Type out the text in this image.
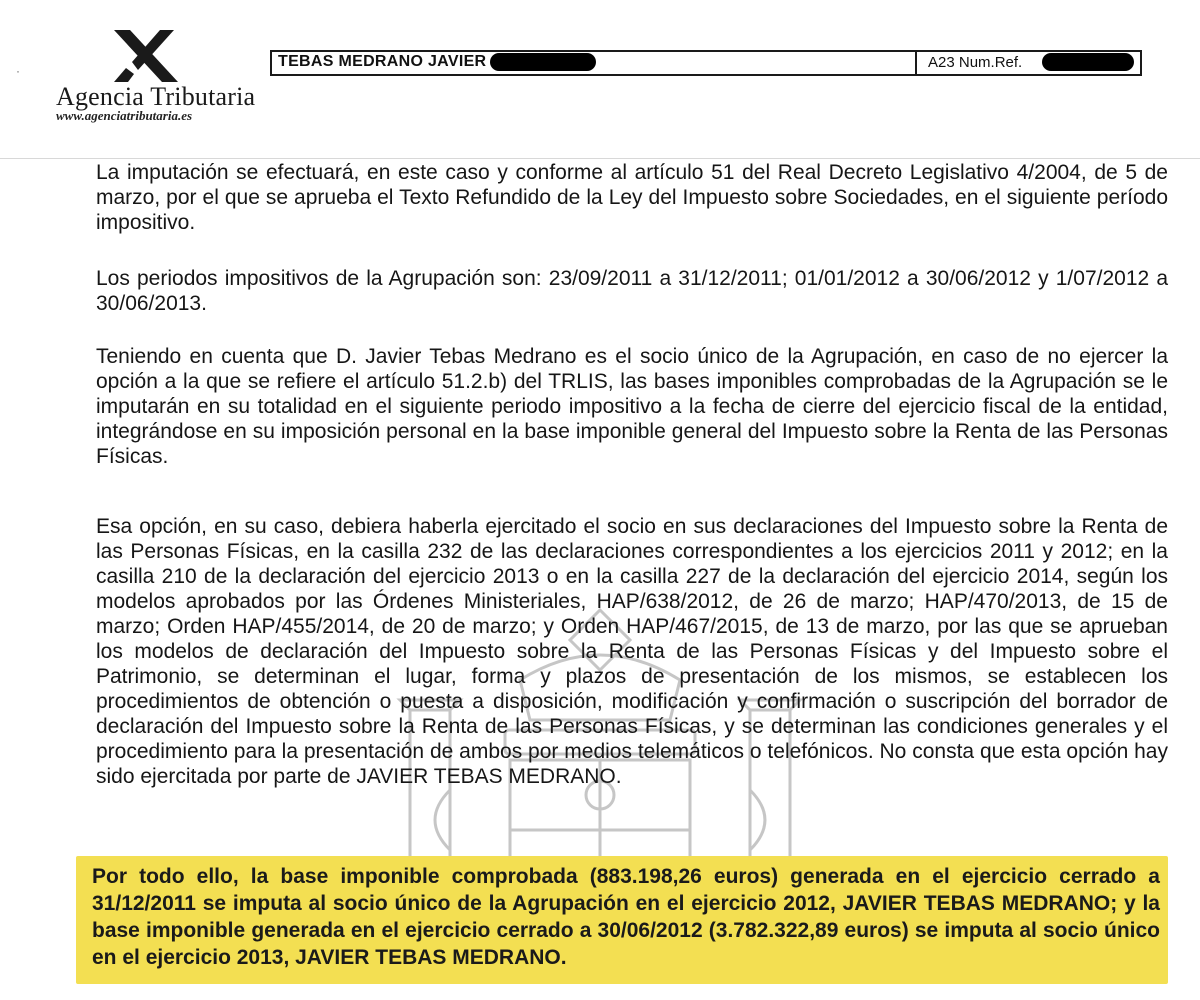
Agencia Tributaria
www.agenciatributaria.es
·
TEBAS MEDRANO JAVIER	A23 Num.Ref.

La imputación se efectuará, en este caso y conforme al artículo 51 del Real Decreto Legislativo 4/2004, de 5 de marzo, por el que se aprueba el Texto Refundido de la Ley del Impuesto sobre Sociedades, en el siguiente período impositivo.

Los periodos impositivos de la Agrupación son: 23/09/2011 a 31/12/2011; 01/01/2012 a 30/06/2012 y 1/07/2012 a 30/06/2013.

Teniendo en cuenta que D. Javier Tebas Medrano es el socio único de la Agrupación, en caso de no ejercer la opción a la que se refiere el artículo 51.2.b) del TRLIS, las bases imponibles comprobadas de la Agrupación se le imputarán en su totalidad en el siguiente periodo impositivo a la fecha de cierre del ejercicio fiscal de la entidad, integrándose en su imposición personal en la base imponible general del Impuesto sobre la Renta de las Personas Físicas.

Esa opción, en su caso, debiera haberla ejercitado el socio en sus declaraciones del Impuesto sobre la Renta de las Personas Físicas, en la casilla 232 de las declaraciones correspondientes a los ejercicios 2011 y 2012; en la casilla 210 de la declaración del ejercicio 2013 o en la casilla 227 de la declaración del ejercicio 2014, según los modelos aprobados por las Órdenes Ministeriales, HAP/638/2012, de 26 de marzo; HAP/470/2013, de 15 de marzo; Orden HAP/455/2014, de 20 de marzo; y Orden HAP/467/2015, de 13 de marzo, por las que se aprueban los modelos de declaración del Impuesto sobre la Renta de las Personas Físicas y del Impuesto sobre el Patrimonio, se determinan el lugar, forma y plazos de presentación de los mismos, se establecen los procedimientos de obtención o puesta a disposición, modificación y confirmación o suscripción del borrador de declaración del Impuesto sobre la Renta de las Personas Físicas, y se determinan las condiciones generales y el procedimiento para la presentación de ambos por medios telemáticos o telefónicos. No consta que esta opción hay sido ejercitada por parte de JAVIER TEBAS MEDRANO.

Por todo ello, la base imponible comprobada (883.198,26 euros) generada en el ejercicio cerrado a 31/12/2011 se imputa al socio único de la Agrupación en el ejercicio 2012, JAVIER TEBAS MEDRANO; y la base imponible generada en el ejercicio cerrado a 30/06/2012 (3.782.322,89 euros) se imputa al socio único en el ejercicio 2013, JAVIER TEBAS MEDRANO.
